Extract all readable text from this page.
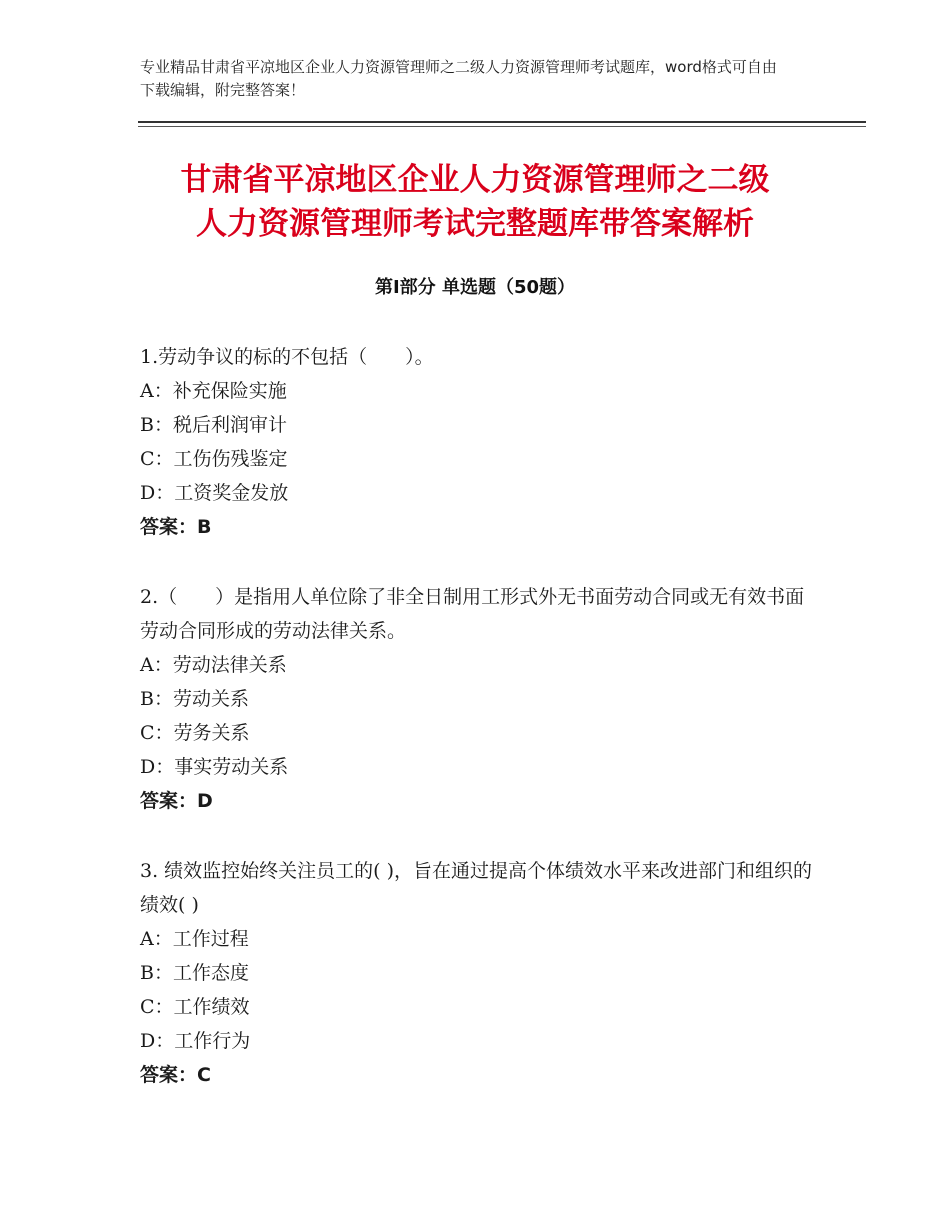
专业精品甘肃省平凉地区企业人力资源管理师之二级人力资源管理师考试题库，word格式可自由下载编辑，附完整答案！
甘肃省平凉地区企业人力资源管理师之二级
人力资源管理师考试完整题库带答案解析
第Ⅰ部分 单选题（50题）
1.劳动争议的标的不包括（　　）。
A：补充保险实施
B：税后利润审计
C：工伤伤残鉴定
D：工资奖金发放
答案：B
2.（　　）是指用人单位除了非全日制用工形式外无书面劳动合同或无有效书面劳动合同形成的劳动法律关系。
A：劳动法律关系
B：劳动关系
C：劳务关系
D：事实劳动关系
答案：D
3. 绩效监控始终关注员工的( )，旨在通过提高个体绩效水平来改进部门和组织的绩效( )
A：工作过程
B：工作态度
C：工作绩效
D：工作行为
答案：C
